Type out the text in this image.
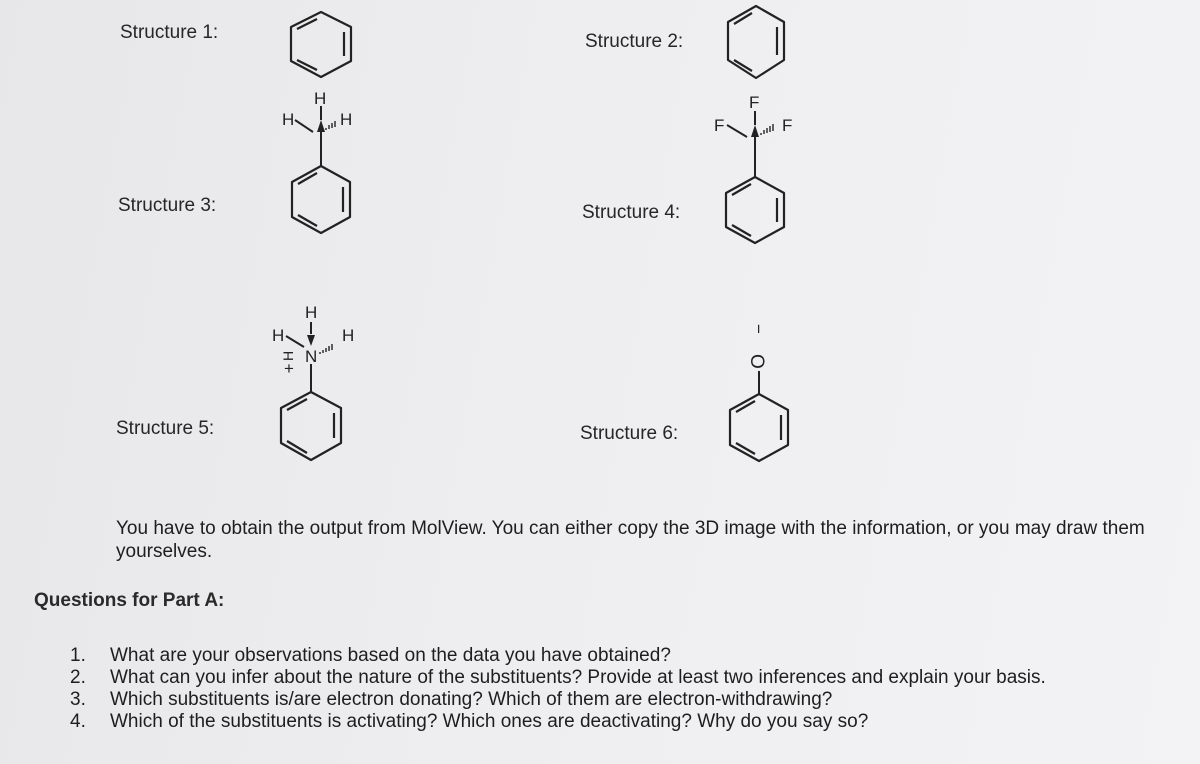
Structure 1:	Structure 2:
Structure 3:	Structure 4:
Structure 5:	Structure 6:
H
H	H
F
F	F
H
H	H
N
+
H
−
O
You have to obtain the output from MolView. You can either copy the 3D image with the information, or you may draw them yourselves.
Questions for Part A:
1. What are your observations based on the data you have obtained?
2. What can you infer about the nature of the substituents? Provide at least two inferences and explain your basis.
3. Which substituents is/are electron donating? Which of them are electron-withdrawing?
4. Which of the substituents is activating? Which ones are deactivating? Why do you say so?
